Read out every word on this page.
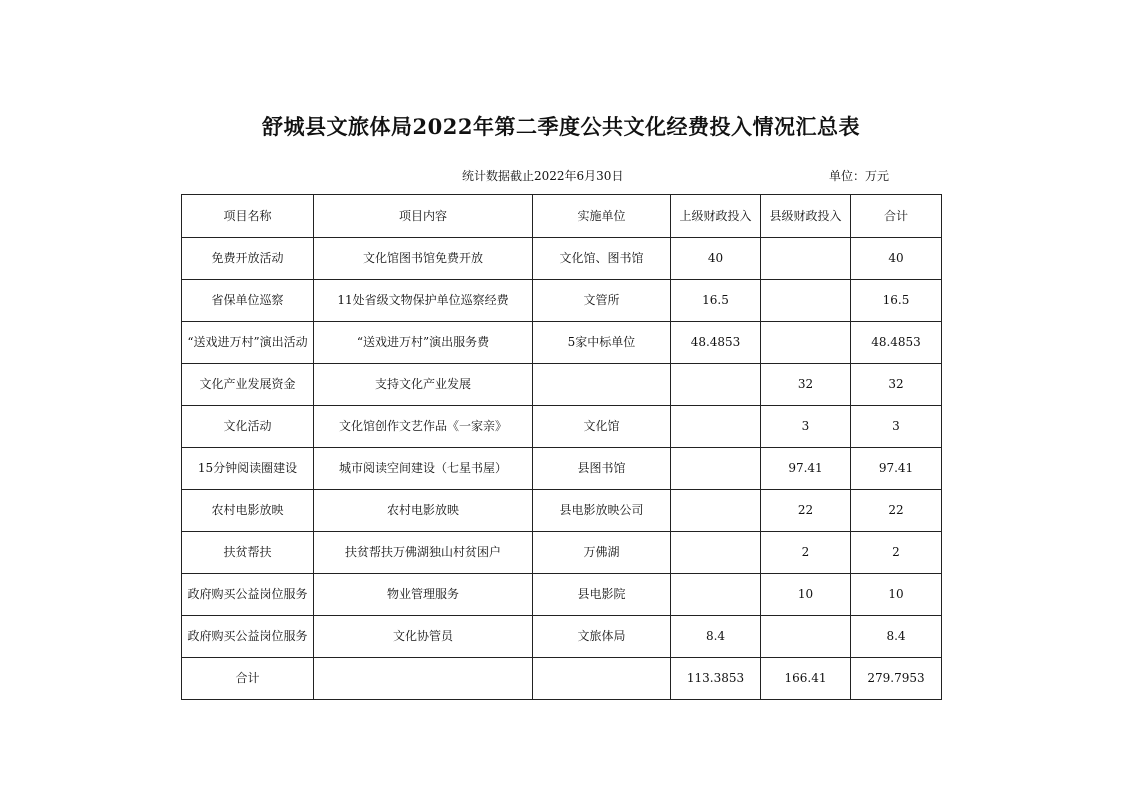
舒城县文旅体局2022年第二季度公共文化经费投入情况汇总表
统计数据截止2022年6月30日	单位：万元
项目名称	项目内容	实施单位	上级财政投入	县级财政投入	合计
免费开放活动	文化馆图书馆免费开放	文化馆、图书馆	40		40
省保单位巡察	11处省级文物保护单位巡察经费	文管所	16.5		16.5
“送戏进万村”演出活动	“送戏进万村”演出服务费	5家中标单位	48.4853		48.4853
文化产业发展资金	支持文化产业发展			32	32
文化活动	文化馆创作文艺作品《一家亲》	文化馆		3	3
15分钟阅读圈建设	城市阅读空间建设（七星书屋）	县图书馆		97.41	97.41
农村电影放映	农村电影放映	县电影放映公司		22	22
扶贫帮扶	扶贫帮扶万佛湖独山村贫困户	万佛湖		2	2
政府购买公益岗位服务	物业管理服务	县电影院		10	10
政府购买公益岗位服务	文化协管员	文旅体局	8.4		8.4
合计			113.3853	166.41	279.7953
